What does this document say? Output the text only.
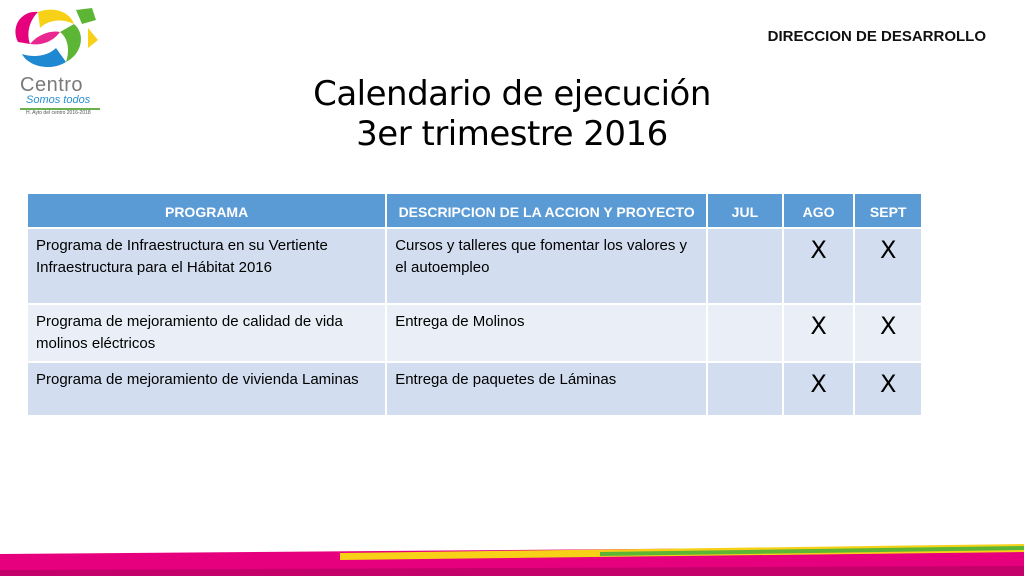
Centro
Somos todos
H. Ayto del centro 2016-2018
DIRECCION DE DESARROLLO
Calendario de ejecución
3er trimestre 2016
PROGRAMA	DESCRIPCION DE LA ACCION Y PROYECTO	JUL	AGO	SEPT
Programa de Infraestructura en su Vertiente Infraestructura para el Hábitat 2016	Cursos y talleres que fomentar los valores y el autoempleo		X	X
Programa de mejoramiento de calidad de vida molinos eléctricos	Entrega de Molinos		X	X
Programa de mejoramiento de vivienda Laminas	Entrega de paquetes de Láminas		X	X
